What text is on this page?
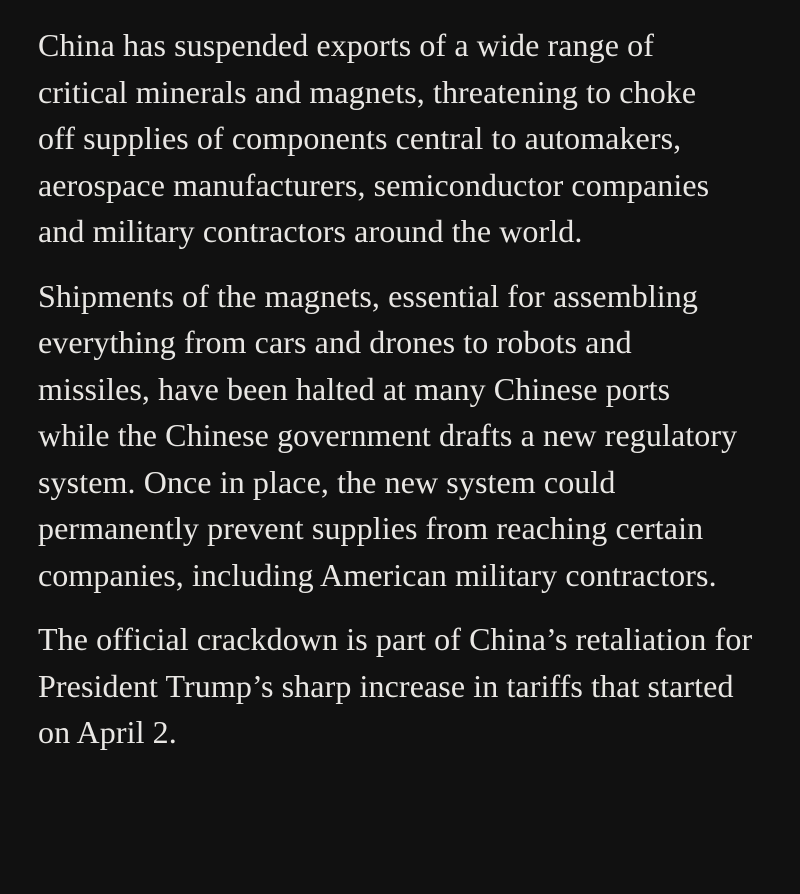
China has suspended exports of a wide range of critical minerals and magnets, threatening to choke off supplies of components central to automakers, aerospace manufacturers, semiconductor companies and military contractors around the world.

Shipments of the magnets, essential for assembling everything from cars and drones to robots and missiles, have been halted at many Chinese ports while the Chinese government drafts a new regulatory system. Once in place, the new system could permanently prevent supplies from reaching certain companies, including American military contractors.

The official crackdown is part of China’s retaliation for President Trump’s sharp increase in tariffs that started on April 2.
